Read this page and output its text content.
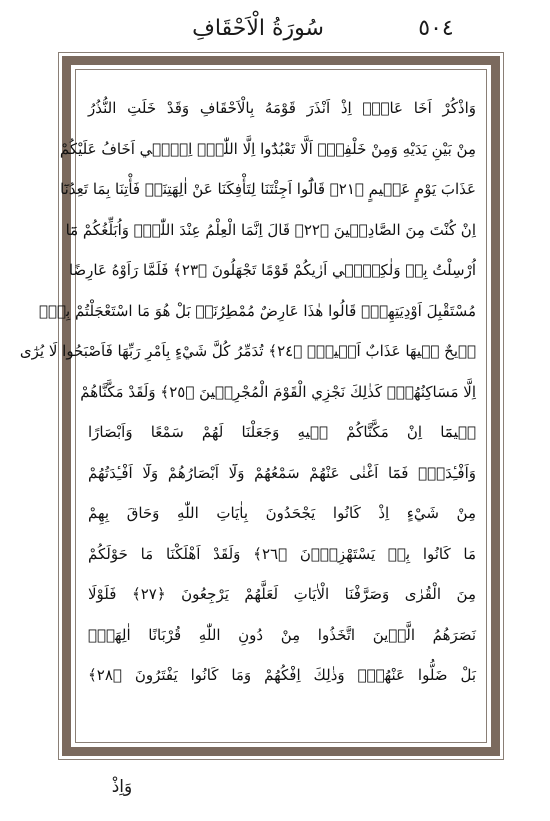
٥٠٤
سُورَةُ الْاَحْقَافِ
وَاذْكُرْ اَخَا عَادٍۜ اِذْ اَنْذَرَ قَوْمَهُ بِالْاَحْقَافِ وَقَدْ خَلَتِ النُّذُرُ
مِنْ بَيْنِ يَدَيْهِ وَمِنْ خَلْفِه۪ٓ اَلَّا تَعْبُدُٓوا اِلَّا اللّٰهَۜ اِنّ۪ٓي اَخَافُ عَلَيْكُمْ
عَذَابَ يَوْمٍ عَظ۪يمٍ ﴿٢١﴾ قَالُٓوا اَجِئْتَنَا لِتَأْفِكَنَا عَنْ اٰلِهَتِنَاۚ فَأْتِنَا بِمَا تَعِدُنَٓا
اِنْ كُنْتَ مِنَ الصَّادِق۪ينَ ﴿٢٢﴾ قَالَ اِنَّمَا الْعِلْمُ عِنْدَ اللّٰهِۘ وَاُبَلِّغُكُمْ مَٓا
اُرْسِلْتُ بِه۪ وَلٰكِنّ۪ٓي اَرٰيكُمْ قَوْمًا تَجْهَلُونَ ﴿٢٣﴾ فَلَمَّا رَاَوْهُ عَارِضًا
مُسْتَقْبِلَ اَوْدِيَتِهِمْۙ قَالُوا هٰذَا عَارِضٌ مُمْطِرُنَاۜ بَلْ هُوَ مَا اسْتَعْجَلْتُمْ بِه۪ۜ
ر۪يحٌ ف۪يهَا عَذَابٌ اَل۪يمٌۙ ﴿٢٤﴾ تُدَمِّرُ كُلَّ شَيْءٍ بِاَمْرِ رَبِّهَا فَاَصْبَحُوا لَا يُرٰٓى
اِلَّا مَسَاكِنُهُمْۜ كَذٰلِكَ نَجْزِي الْقَوْمَ الْمُجْرِم۪ينَ ﴿٢٥﴾ وَلَقَدْ مَكَّنَّاهُمْ
ف۪يمَٓا اِنْ مَكَّنَّاكُمْ ف۪يهِ وَجَعَلْنَا لَهُمْ سَمْعًا وَاَبْصَارًا
وَاَفْـِٔدَةًۘ فَمَٓا اَغْنٰى عَنْهُمْ سَمْعُهُمْ وَلَٓا اَبْصَارُهُمْ وَلَٓا اَفْـِٔدَتُهُمْ
مِنْ شَيْءٍ اِذْ كَانُوا يَجْحَدُونَ بِاٰيَاتِ اللّٰهِ وَحَاقَ بِهِمْ
مَا كَانُوا بِه۪ يَسْتَهْزِؤُ۫نَ ﴿٢٦﴾ وَلَقَدْ اَهْلَكْنَا مَا حَوْلَكُمْ
مِنَ الْقُرٰى وَصَرَّفْنَا الْاٰيَاتِ لَعَلَّهُمْ يَرْجِعُونَ ﴿٢٧﴾ فَلَوْلَا
نَصَرَهُمُ الَّذ۪ينَ اتَّخَذُوا مِنْ دُونِ اللّٰهِ قُرْبَانًا اٰلِهَةًۜ
بَلْ ضَلُّوا عَنْهُمْۚ وَذٰلِكَ اِفْكُهُمْ وَمَا كَانُوا يَفْتَرُونَ ﴿٢٨﴾
وَاِذْ
